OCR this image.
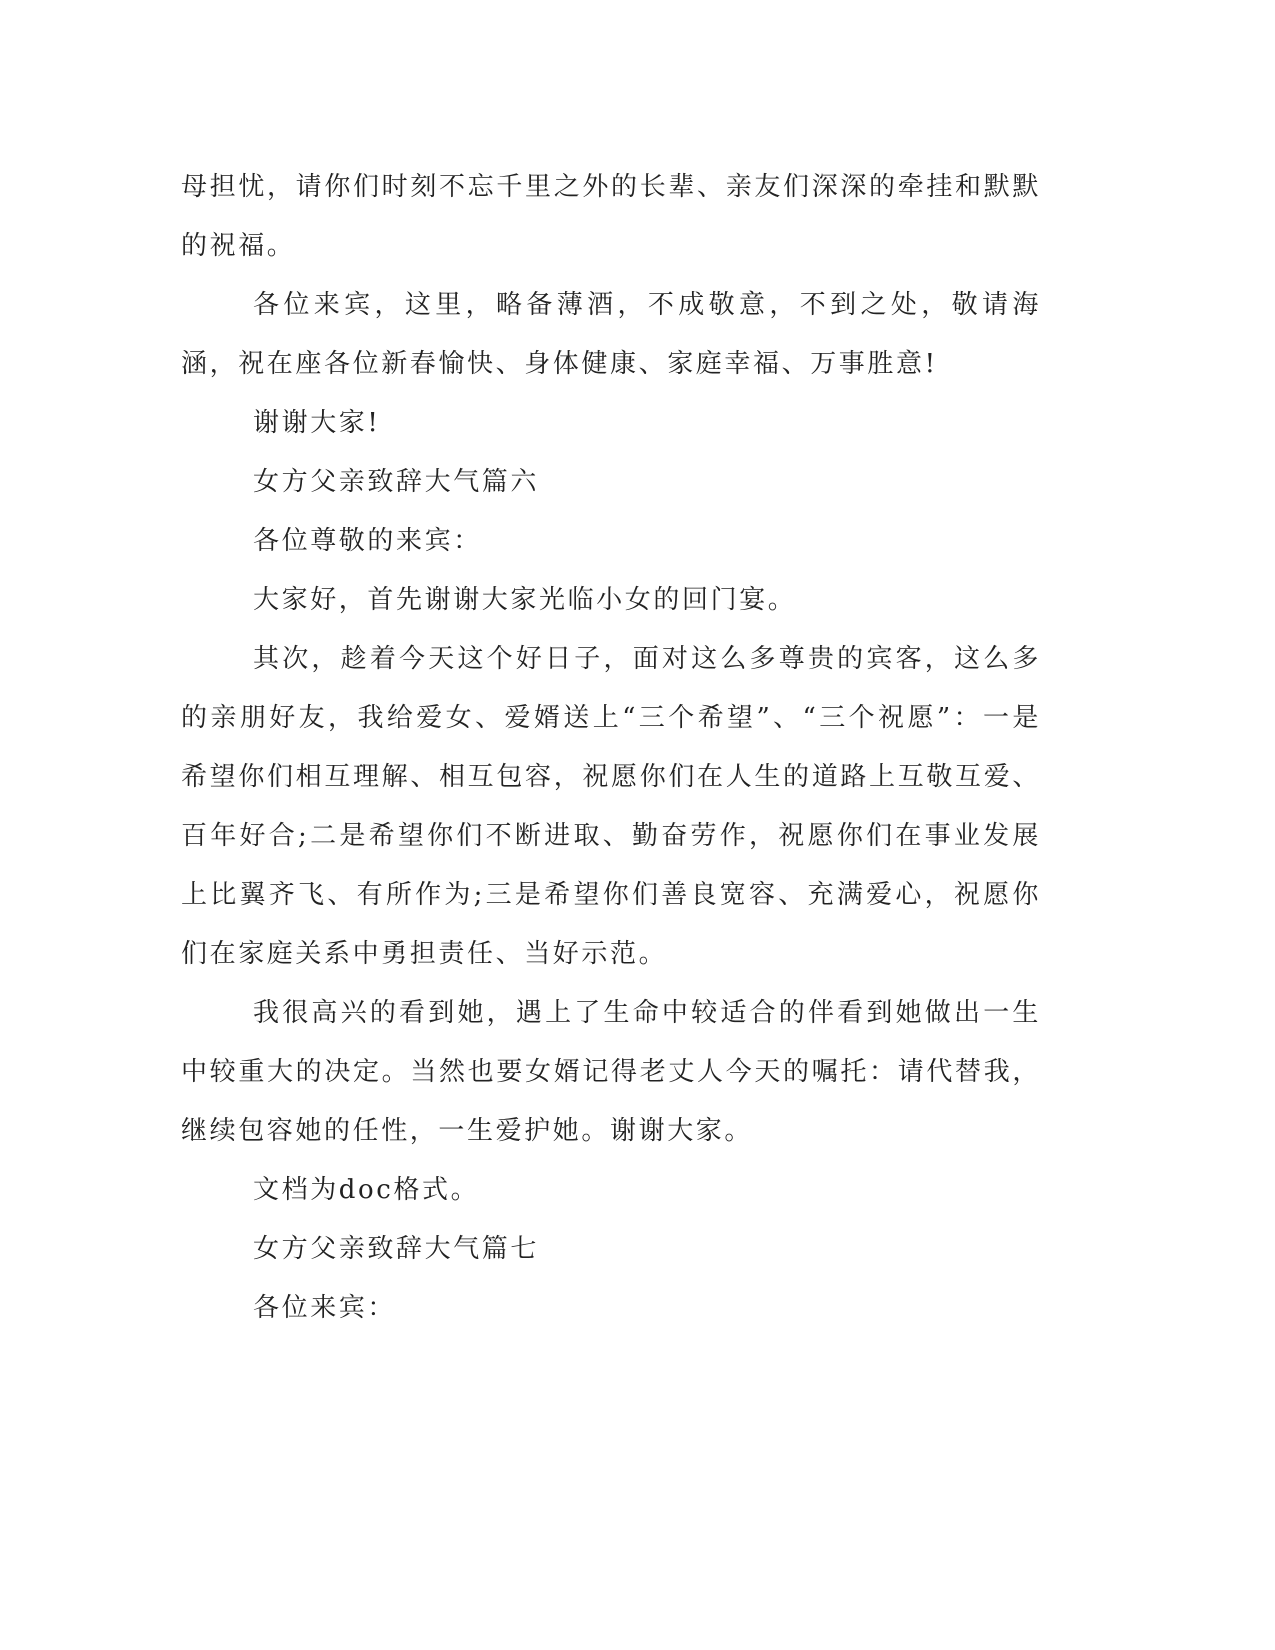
母担忧，请你们时刻不忘千里之外的长辈、亲友们深深的牵挂和默默的祝福。

各位来宾，这里，略备薄酒，不成敬意，不到之处，敬请海涵，祝在座各位新春愉快、身体健康、家庭幸福、万事胜意!

谢谢大家!

女方父亲致辞大气篇六

各位尊敬的来宾：

大家好，首先谢谢大家光临小女的回门宴。

其次，趁着今天这个好日子，面对这么多尊贵的宾客，这么多的亲朋好友，我给爱女、爱婿送上“三个希望”、“三个祝愿”：一是希望你们相互理解、相互包容，祝愿你们在人生的道路上互敬互爱、百年好合;二是希望你们不断进取、勤奋劳作，祝愿你们在事业发展上比翼齐飞、有所作为;三是希望你们善良宽容、充满爱心，祝愿你们在家庭关系中勇担责任、当好示范。

我很高兴的看到她，遇上了生命中较适合的伴看到她做出一生中较重大的决定。当然也要女婿记得老丈人今天的嘱托：请代替我，继续包容她的任性，一生爱护她。谢谢大家。

文档为doc格式。

女方父亲致辞大气篇七

各位来宾：
